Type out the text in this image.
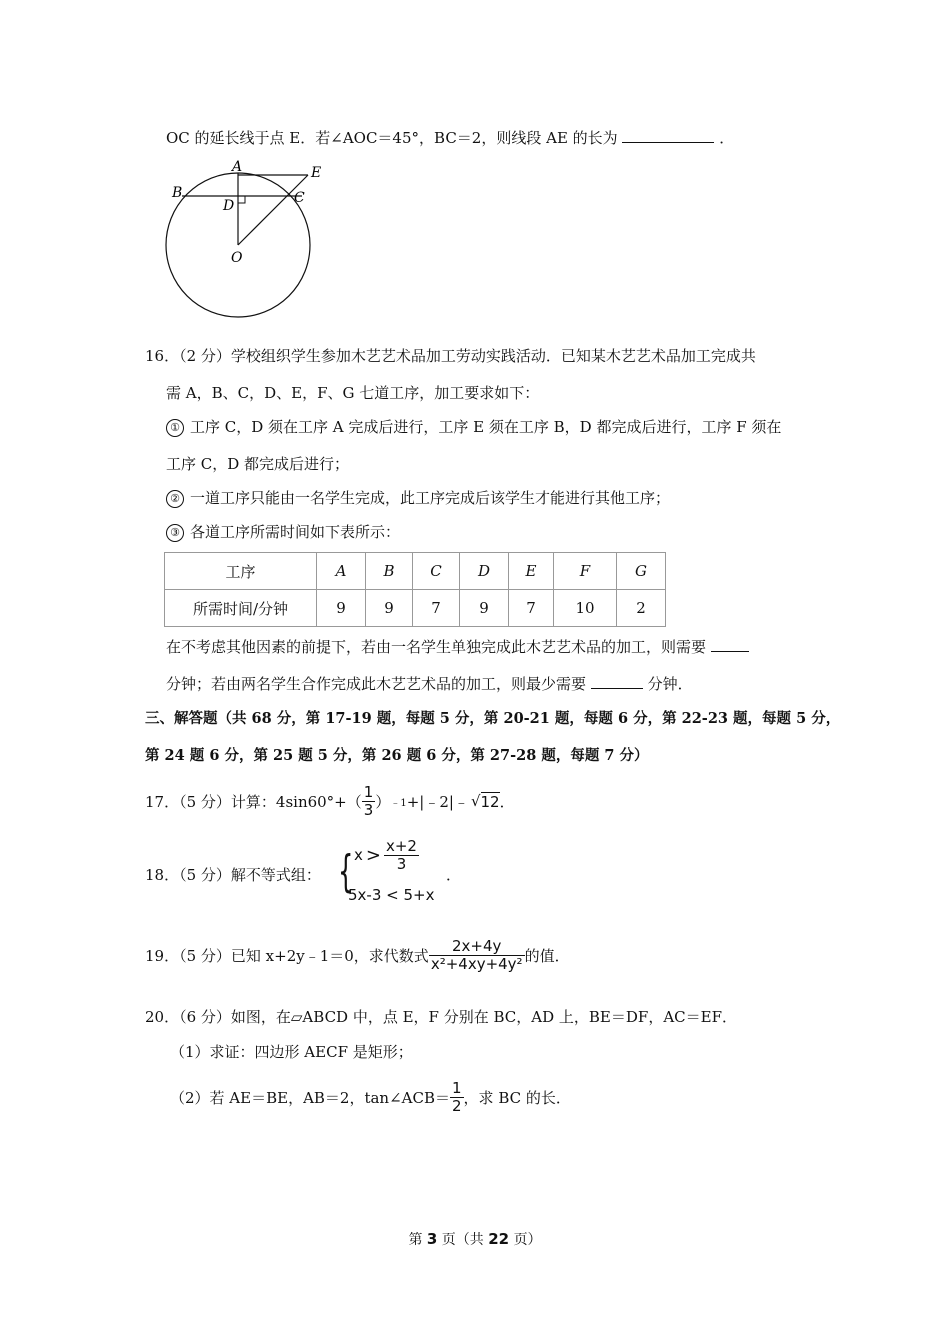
OC 的延长线于点 E．若∠AOC＝45°，BC＝2，则线段 AE 的长为	．
A
B	C
D
E
O
16．（2 分）学校组织学生参加木艺艺术品加工劳动实践活动．已知某木艺艺术品加工完成共
需 A，B、C，D、E，F、G 七道工序，加工要求如下：
① 工序 C，D 须在工序 A 完成后进行，工序 E 须在工序 B，D 都完成后进行，工序 F 须在
工序 C，D 都完成后进行；
② 一道工序只能由一名学生完成，此工序完成后该学生才能进行其他工序；
③ 各道工序所需时间如下表所示：
工序	A	B	C	D	E	F	G
所需时间/分钟	9	9	7	9	7	10	2
在不考虑其他因素的前提下，若由一名学生单独完成此木艺艺术品的加工，则需要
分钟；若由两名学生合作完成此木艺艺术品的加工，则最少需要	分钟．
三、解答题（共 68 分，第 17-19 题，每题 5 分，第 20-21 题，每题 6 分，第 22-23 题，每题 5 分，
第 24 题 6 分，第 25 题 5 分，第 26 题 6 分，第 27-28 题，每题 7 分）
17．（5 分）计算：$4\sin 60^\circ+( \frac{1}{3}$ ） ﹣1 +|﹣2|﹣ √ 12 ．
18．（5 分）解不等式组： { $x > \frac{x+2}{3}$
5x-3 < 5+x
．
19．（5 分）已知 x+2y﹣1＝0，求代数式 $\frac{2x+4y}{\text{x²+4xy+4y²}}$ 的值．
20．（6 分）如图，在▱ABCD 中，点 E，F 分别在 BC，AD 上，BE＝DF，AC＝EF．
（1）求证：四边形 AECF 是矩形；
（2）若 AE＝BE，AB＝2，tan∠ACB＝ $\frac{1}{2}$ ，求 BC 的长．
第 3 页（共 22 页）
